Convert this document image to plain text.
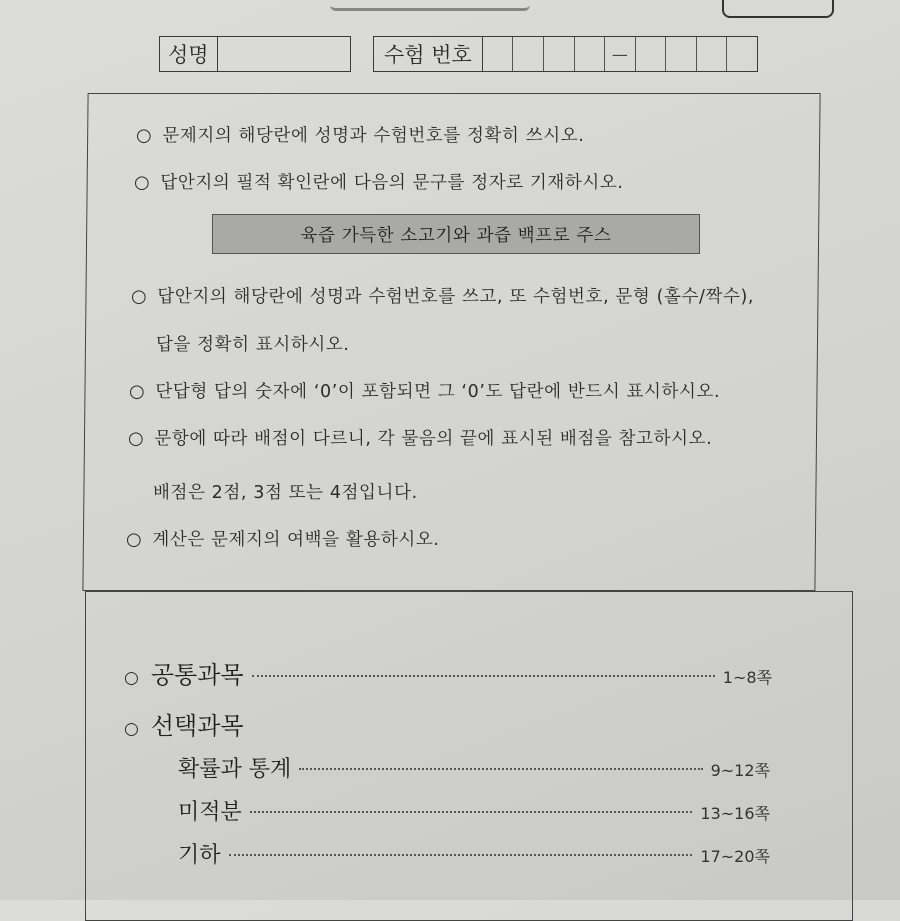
성명	수험 번호	—
○ 문제지의 해당란에 성명과 수험번호를 정확히 쓰시오.
○ 답안지의 필적 확인란에 다음의 문구를 정자로 기재하시오.
육즙 가득한 소고기와 과즙 백프로 주스
○ 답안지의 해당란에 성명과 수험번호를 쓰고, 또 수험번호, 문형 (홀수/짝수),
답을 정확히 표시하시오.
○ 단답형 답의 숫자에 ‘0’이 포함되면 그 ‘0’도 답란에 반드시 표시하시오.
○ 문항에 따라 배점이 다르니, 각 물음의 끝에 표시된 배점을 참고하시오.
배점은 2점, 3점 또는 4점입니다.
○ 계산은 문제지의 여백을 활용하시오.
○ 공통과목	1~8쪽
○ 선택과목
확률과 통계	9~12쪽
미적분	13~16쪽
기하	17~20쪽
